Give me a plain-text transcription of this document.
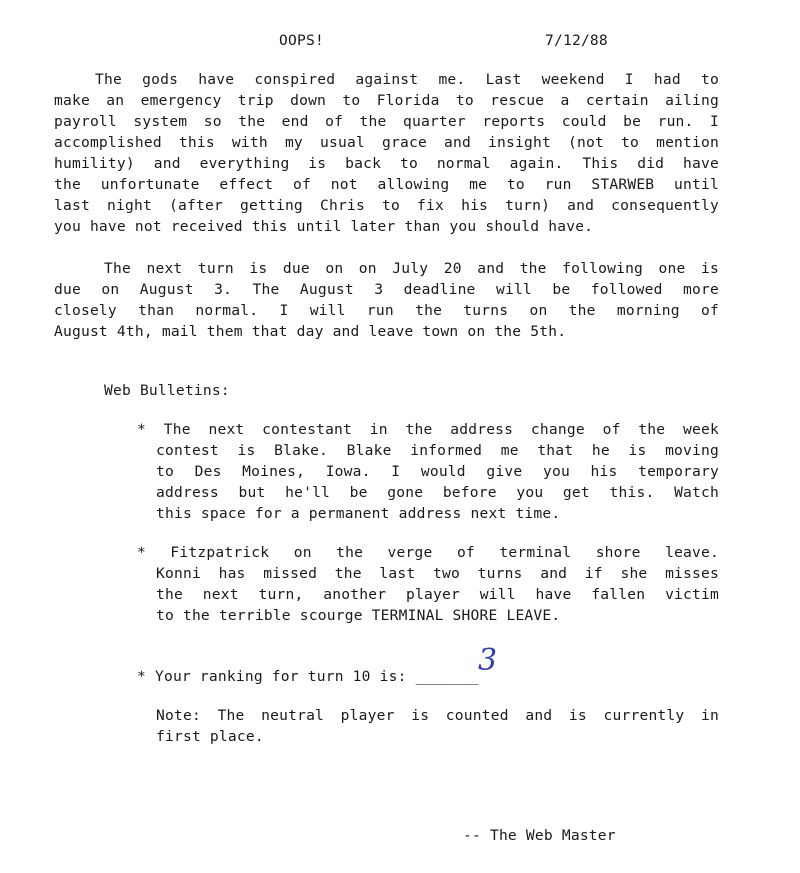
OOPS!	7/12/88
The gods have conspired against me. Last weekend I had to
make an emergency trip down to Florida to rescue a certain ailing
payroll system so the end of the quarter reports could be run. I
accomplished this with my usual grace and insight (not to mention
humility) and everything is back to normal again. This did have
the unfortunate effect of not allowing me to run STARWEB until
last night (after getting Chris to fix his turn) and consequently
you have not received this until later than you should have.
The next turn is due on on July 20 and the following one is
due on August 3. The August 3 deadline will be followed more
closely than normal. I will run the turns on the morning of
August 4th, mail them that day and leave town on the 5th.
Web Bulletins:
* The next contestant in the address change of the week
contest is Blake. Blake informed me that he is moving
to Des Moines, Iowa. I would give you his temporary
address but he'll be gone before you get this. Watch
this space for a permanent address next time.
* Fitzpatrick on the verge of terminal shore leave.
Konni has missed the last two turns and if she misses
the next turn, another player will have fallen victim
to the terrible scourge TERMINAL SHORE LEAVE.
* Your ranking for turn 10 is: _______ 3
Note: The neutral player is counted and is currently in
first place.
-- The Web Master
